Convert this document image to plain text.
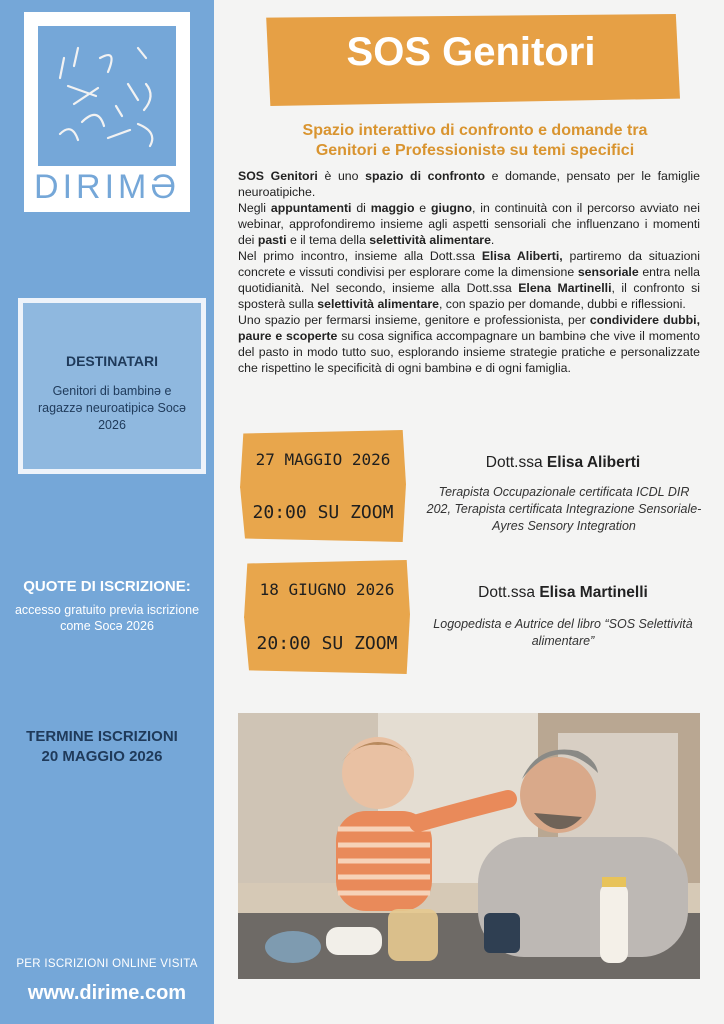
DIRIMƏ
DESTINATARI
Genitori di bambinə e ragazzə neuroatipicə Socə 2026
QUOTE DI ISCRIZIONE:
accesso gratuito previa iscrizione come Socə 2026
TERMINE ISCRIZIONI
20 MAGGIO 2026
PER ISCRIZIONI ONLINE VISITA
www.dirime.com
SOS Genitori
Spazio interattivo di confronto e domande tra
Genitori e Professionistə su temi specifici

SOS Genitori è uno spazio di confronto e domande, pensato per le famiglie neuroatipiche.

Negli appuntamenti di maggio e giugno, in continuità con il percorso avviato nei webinar, approfondiremo insieme agli aspetti sensoriali che influenzano i momenti dei pasti e il tema della selettività alimentare.

Nel primo incontro, insieme alla Dott.ssa Elisa Aliberti, partiremo da situazioni concrete e vissuti condivisi per esplorare come la dimensione sensoriale entra nella quotidianità. Nel secondo, insieme alla Dott.ssa Elena Martinelli, il confronto si sposterà sulla selettività alimentare, con spazio per domande, dubbi e riflessioni.

Uno spazio per fermarsi insieme, genitore e professionista, per condividere dubbi, paure e scoperte su cosa significa accompagnare un bambinə che vive il momento del pasto in modo tutto suo, esplorando insieme strategie pratiche e personalizzate che rispettino le specificità di ogni bambinə e di ogni famiglia.

27 MAGGIO 2026
20:00 SU ZOOM
Dott.ssa Elisa Aliberti
Terapista Occupazionale certificata ICDL DIR 202, Terapista certificata Integrazione Sensoriale-Ayres Sensory Integration
18 GIUGNO 2026
20:00 SU ZOOM
Dott.ssa Elisa Martinelli
Logopedista e Autrice del libro “SOS Selettività alimentare”
